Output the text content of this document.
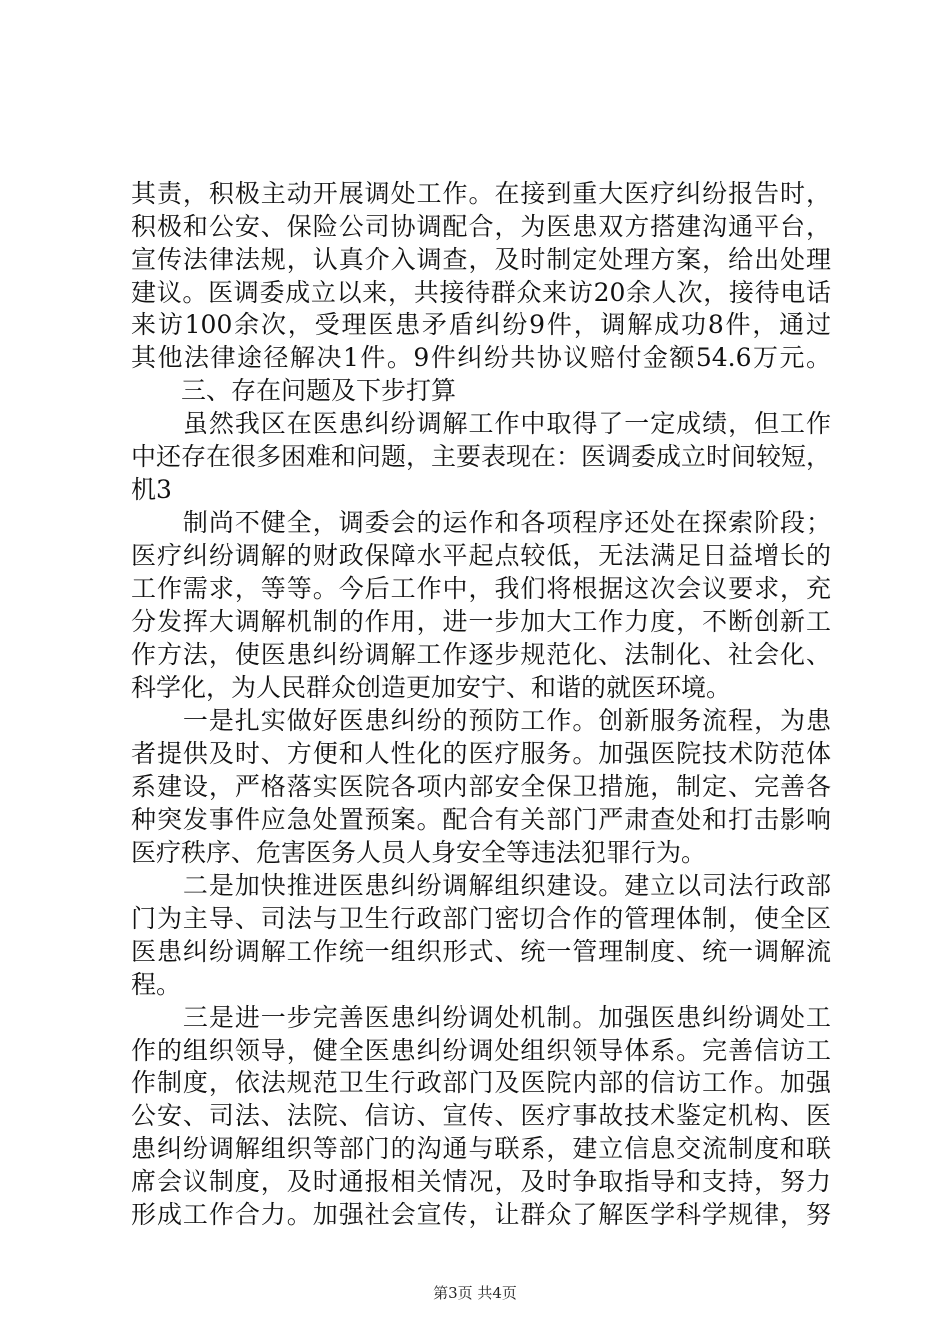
其责，积极主动开展调处工作。在接到重大医疗纠纷报告时，
积极和公安、保险公司协调配合，为医患双方搭建沟通平台，
宣传法律法规，认真介入调查，及时制定处理方案，给出处理
建议。医调委成立以来，共接待群众来访20余人次，接待电话
来访100余次，受理医患矛盾纠纷9件，调解成功8件，通过
其他法律途径解决1件。9件纠纷共协议赔付金额54.6万元。
　　三、存在问题及下步打算
　　虽然我区在医患纠纷调解工作中取得了一定成绩，但工作
中还存在很多困难和问题，主要表现在：医调委成立时间较短，
机3
　　制尚不健全，调委会的运作和各项程序还处在探索阶段；
医疗纠纷调解的财政保障水平起点较低，无法满足日益增长的
工作需求，等等。今后工作中，我们将根据这次会议要求，充
分发挥大调解机制的作用，进一步加大工作力度，不断创新工
作方法，使医患纠纷调解工作逐步规范化、法制化、社会化、
科学化，为人民群众创造更加安宁、和谐的就医环境。
　　一是扎实做好医患纠纷的预防工作。创新服务流程，为患
者提供及时、方便和人性化的医疗服务。加强医院技术防范体
系建设，严格落实医院各项内部安全保卫措施，制定、完善各
种突发事件应急处置预案。配合有关部门严肃查处和打击影响
医疗秩序、危害医务人员人身安全等违法犯罪行为。
　　二是加快推进医患纠纷调解组织建设。建立以司法行政部
门为主导、司法与卫生行政部门密切合作的管理体制，使全区
医患纠纷调解工作统一组织形式、统一管理制度、统一调解流
程。
　　三是进一步完善医患纠纷调处机制。加强医患纠纷调处工
作的组织领导，健全医患纠纷调处组织领导体系。完善信访工
作制度，依法规范卫生行政部门及医院内部的信访工作。加强
公安、司法、法院、信访、宣传、医疗事故技术鉴定机构、医
患纠纷调解组织等部门的沟通与联系，建立信息交流制度和联
席会议制度，及时通报相关情况，及时争取指导和支持，努力
形成工作合力。加强社会宣传，让群众了解医学科学规律，努
第3页 共4页
